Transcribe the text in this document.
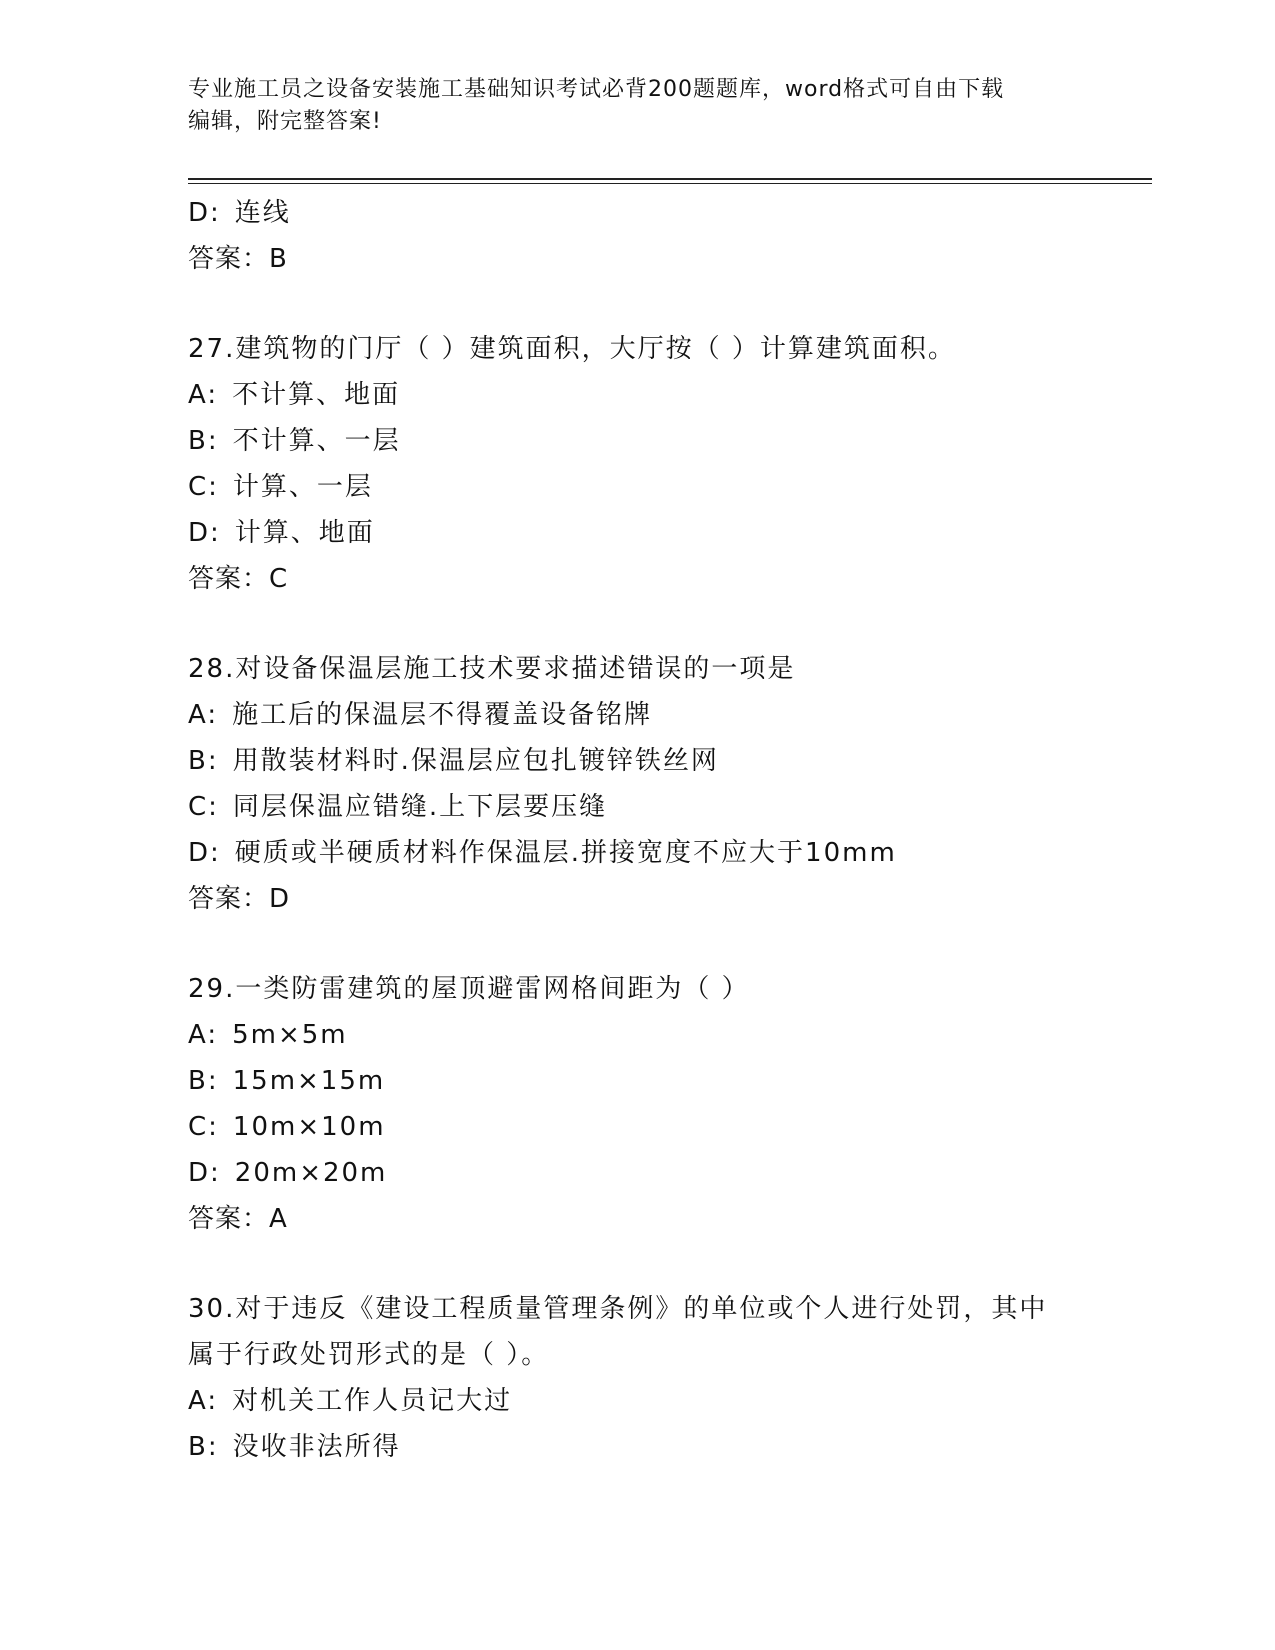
专业施工员之设备安装施工基础知识考试必背200题题库，word格式可自由下载
编辑，附完整答案!
D: 连线
答案：B
27.建筑物的门厅（ ）建筑面积，大厅按（ ）计算建筑面积。
A: 不计算、地面
B: 不计算、一层
C: 计算、一层
D: 计算、地面
答案：C
28.对设备保温层施工技术要求描述错误的一项是
A: 施工后的保温层不得覆盖设备铭牌
B: 用散装材料时.保温层应包扎镀锌铁丝网
C: 同层保温应错缝.上下层要压缝
D: 硬质或半硬质材料作保温层.拼接宽度不应大于10mm
答案：D
29.一类防雷建筑的屋顶避雷网格间距为（ ）
A: 5m×5m
B: 15m×15m
C: 10m×10m
D: 20m×20m
答案：A
30.对于违反《建设工程质量管理条例》的单位或个人进行处罚，其中
属于行政处罚形式的是（ ）。
A: 对机关工作人员记大过
B: 没收非法所得
